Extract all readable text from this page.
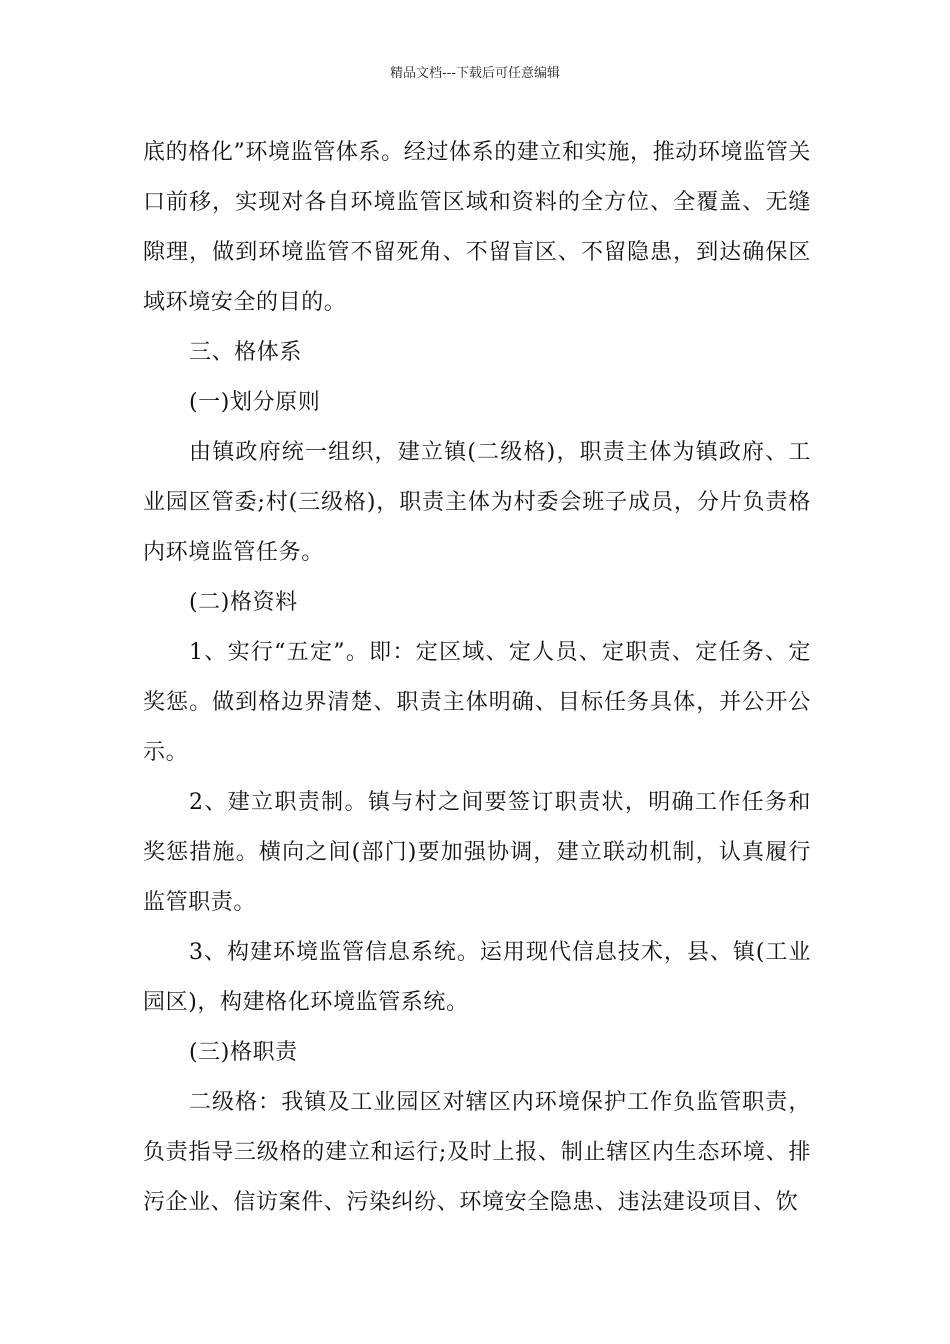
精品文档---下载后可任意编辑

底的格化”环境监管体系。经过体系的建立和实施，推动环境监管关口前移，实现对各自环境监管区域和资料的全方位、全覆盖、无缝隙理，做到环境监管不留死角、不留盲区、不留隐患，到达确保区域环境安全的目的。

三、格体系

(一)划分原则

由镇政府统一组织，建立镇(二级格)，职责主体为镇政府、工业园区管委;村(三级格)，职责主体为村委会班子成员，分片负责格内环境监管任务。

(二)格资料

1、实行“五定”。即：定区域、定人员、定职责、定任务、定奖惩。做到格边界清楚、职责主体明确、目标任务具体，并公开公示。

2、建立职责制。镇与村之间要签订职责状，明确工作任务和奖惩措施。横向之间(部门)要加强协调，建立联动机制，认真履行监管职责。

3、构建环境监管信息系统。运用现代信息技术，县、镇(工业园区)，构建格化环境监管系统。

(三)格职责

二级格：我镇及工业园区对辖区内环境保护工作负监管职责，负责指导三级格的建立和运行;及时上报、制止辖区内生态环境、排污企业、信访案件、污染纠纷、环境安全隐患、违法建设项目、饮
